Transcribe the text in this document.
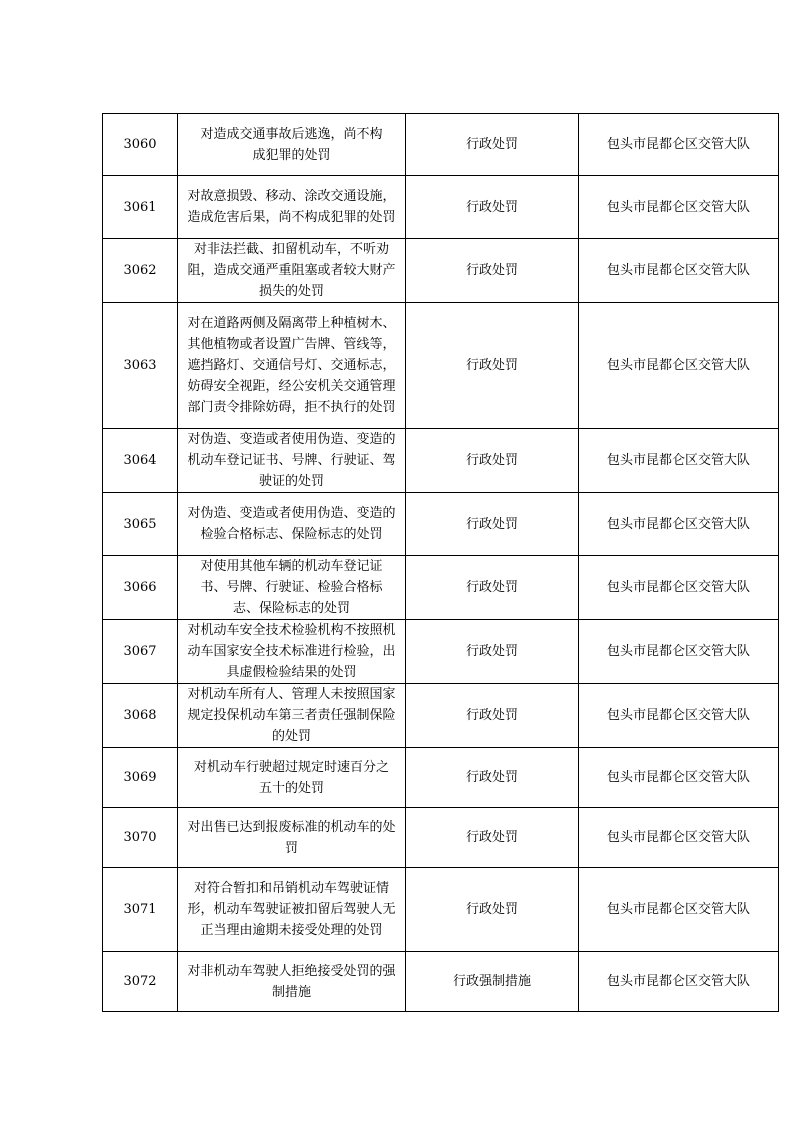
3060	对造成交通事故后逃逸，尚不构成犯罪的处罚	行政处罚	包头市昆都仑区交管大队
3061	对故意损毁、移动、涂改交通设施，造成危害后果，尚不构成犯罪的处罚	行政处罚	包头市昆都仑区交管大队
3062	对非法拦截、扣留机动车，不听劝阻，造成交通严重阻塞或者较大财产损失的处罚	行政处罚	包头市昆都仑区交管大队
3063	对在道路两侧及隔离带上种植树木、其他植物或者设置广告牌、管线等，遮挡路灯、交通信号灯、交通标志，妨碍安全视距，经公安机关交通管理部门责令排除妨碍，拒不执行的处罚	行政处罚	包头市昆都仑区交管大队
3064	对伪造、变造或者使用伪造、变造的机动车登记证书、号牌、行驶证、驾驶证的处罚	行政处罚	包头市昆都仑区交管大队
3065	对伪造、变造或者使用伪造、变造的检验合格标志、保险标志的处罚	行政处罚	包头市昆都仑区交管大队
3066	对使用其他车辆的机动车登记证书、号牌、行驶证、检验合格标志、保险标志的处罚	行政处罚	包头市昆都仑区交管大队
3067	对机动车安全技术检验机构不按照机动车国家安全技术标准进行检验，出具虚假检验结果的处罚	行政处罚	包头市昆都仑区交管大队
3068	对机动车所有人、管理人未按照国家规定投保机动车第三者责任强制保险的处罚	行政处罚	包头市昆都仑区交管大队
3069	对机动车行驶超过规定时速百分之五十的处罚	行政处罚	包头市昆都仑区交管大队
3070	对出售已达到报废标准的机动车的处罚	行政处罚	包头市昆都仑区交管大队
3071	对符合暂扣和吊销机动车驾驶证情形，机动车驾驶证被扣留后驾驶人无正当理由逾期未接受处理的处罚	行政处罚	包头市昆都仑区交管大队
3072	对非机动车驾驶人拒绝接受处罚的强制措施	行政强制措施	包头市昆都仑区交管大队
